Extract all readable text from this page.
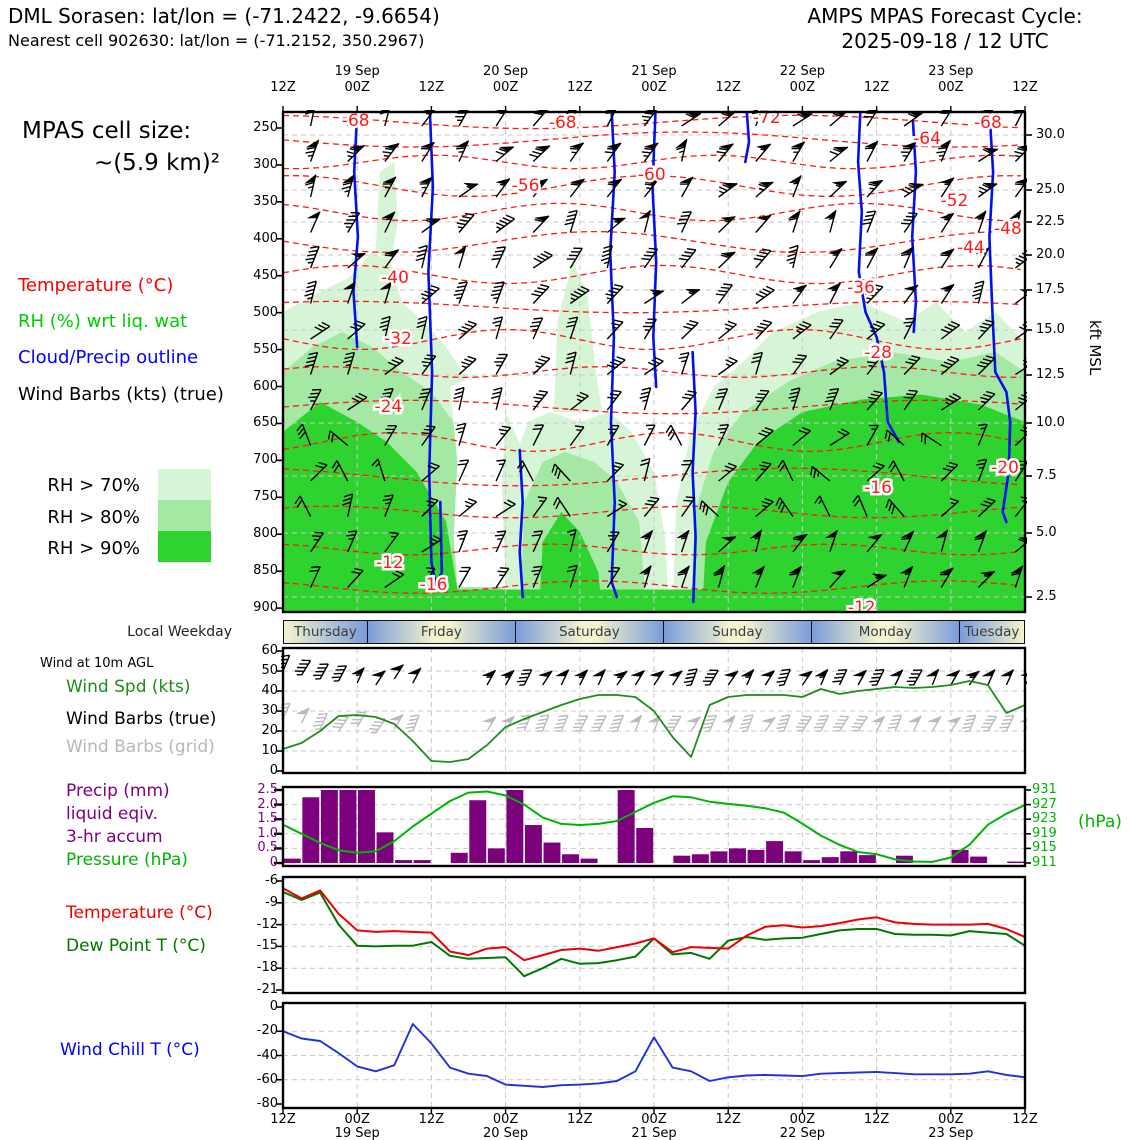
DML Sorasen: lat/lon = (-71.2422, -9.6654)
Nearest cell 902630: lat/lon = (-71.2152, 350.2967)
AMPS MPAS Forecast Cycle:
2025-09-18 / 12 UTC
MPAS cell size:
~(5.9 km)²
Temperature (°C)
RH (%) wrt liq. wat
Cloud/Precip outline
Wind Barbs (kts) (true)
RH > 70%
RH > 80%
RH > 90%
Local Weekday	Thursday	Friday	Saturday	Sunday	Monday	Tuesday
Wind at 10m AGL
Wind Spd (kts)
Wind Barbs (true)
Wind Barbs (grid)
Precip (mm)
liquid eqiv.
3-hr accum
Pressure (hPa)
(hPa)
Temperature (°C)
Dew Point T (°C)
Wind Chill T (°C)
kft MSL
-68	-68	-72	-68
-64
-60
-56
-52
-48
-44
-40	-36
-32
-28
-24
-20
-16
-12
-16
-12
12Z	00Z	12Z	00Z	12Z	00Z	12Z	00Z	12Z	00Z	12Z
19 Sep	20 Sep	21 Sep	22 Sep	23 Sep
12Z	00Z	12Z	00Z	12Z	00Z	12Z	00Z	12Z	00Z	12Z
19 Sep	20 Sep	21 Sep	22 Sep	23 Sep
250
300
350
400
450
500
550
600
650
700
750
800
850
900
30.0
25.0
22.5
20.0
17.5
15.0
12.5
10.0
7.5
5.0
2.5
60
50
40
30
20
10
0
2.5
2.0
1.5
1.0
0.5
0
931
927
923
919
915
911
-6
-9
-12
-15
-18
-21
0
-20
-40
-60
-80
